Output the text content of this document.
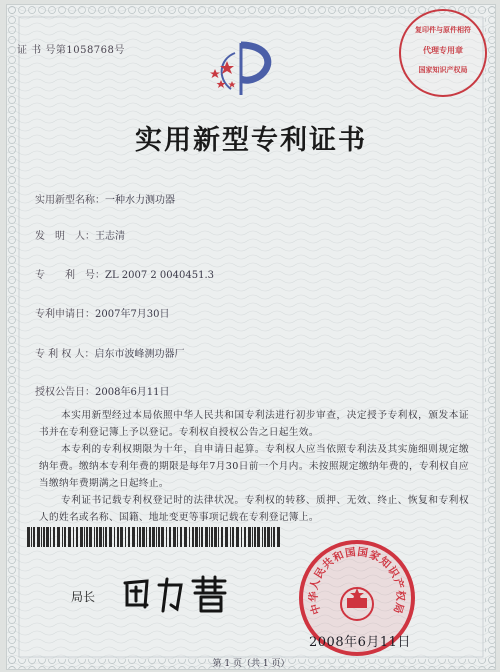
证 书 号第1058768号
复印件与原件相符
代理专用章
国家知识产权局
实用新型专利证书
实用新型名称：一种水力测功器
发　明　人：王志清
专　　利　号：ZL 2007 2 0040451.3
专利申请日：2007年7月30日
专 利 权 人：启东市波峰测功器厂
授权公告日：2008年6月11日
本实用新型经过本局依照中华人民共和国专利法进行初步审查，决定授予专利权，颁发本证书并在专利登记簿上予以登记。专利权自授权公告之日起生效。
本专利的专利权期限为十年，自申请日起算。专利权人应当依照专利法及其实施细则规定缴纳年费。缴纳本专利年费的期限是每年7月30日前一个月内。未按照规定缴纳年费的，专利权自应当缴纳年费期满之日起终止。
专利证书记载专利权登记时的法律状况。专利权的转移、质押、无效、终止、恢复和专利权人的姓名或名称、国籍、地址变更等事项记载在专利登记簿上。
局长
中华人民共和国国家知识产权局
2008年6月11日
第 1 页（共 1 页）
